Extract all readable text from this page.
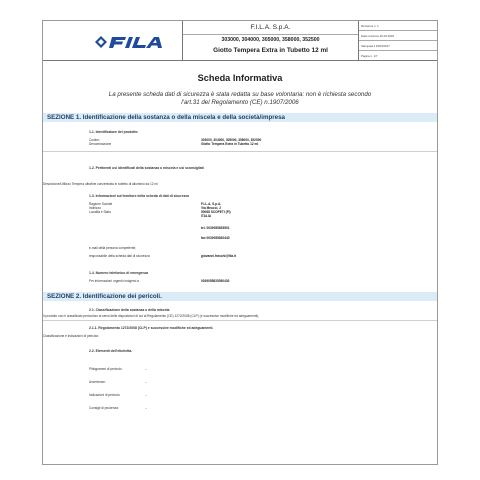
F.I.L.A. S.p.A.
303000, 304000, 305000, 358000, 352500
Giotto Tempera Extra in Tubetto 12 ml
Revisione n. 1
Data revisione 29-03-2018
Stampata il 15/03/2017
Pagina n. 1/7
Scheda Informativa
La presente scheda dati di sicurezza è stata redatta su base volontaria: non è richiesta secondo
l'art.31 del Regolamento (CE) n.1907/2006
SEZIONE 1. Identificazione della sostanza o della miscela e della società/impresa
1.1. Identificatore del prodotto
Codice:	303000, 304000, 305000, 358000, 352500
Denominazione	Giotto Tempera Extra in Tubetto 12 ml
1.2. Pertinenti usi identificati della sostanza o miscela e usi sconsigliati
Descrizione/Utilizzo Tempera ultrafine concentrata in tubetto di alluminio da 12 ml
1.3. Informazioni sul fornitore della scheda di dati di sicurezza
Ragione Sociale	F.I.L.A. S.p.A.
Indirizzo	Via Meucci, 2
Località e Stato	50068 SCOPETI (FI)
ITALIA
tel. 0039055835501
fax 0039055830440
e-mail della persona competente,
responsabile della scheda dati di sicurezza	giovanni.fraschi@fila.it
1.4. Numero telefonico di emergenza
Per informazioni urgenti rivolgersi a	0039055835050430
SEZIONE 2. Identificazione dei pericoli.
2.1. Classificazione della sostanza o della miscela.
Il prodotto non è classificato pericoloso ai sensi delle disposizioni di cui al Regolamento (CE) 1272/2008 (CLP) (e successive modifiche ed adeguamenti).
2.1.1. Regolamento 1272/2008 (CLP) e successive modifiche ed adeguamenti.
Classificazione e indicazioni di pericolo:
2.2. Elementi dell'etichetta.
Pittogrammi di pericolo:	--
Avvertenze:	--
Indicazioni di pericolo:	--
Consigli di prudenza:	--
